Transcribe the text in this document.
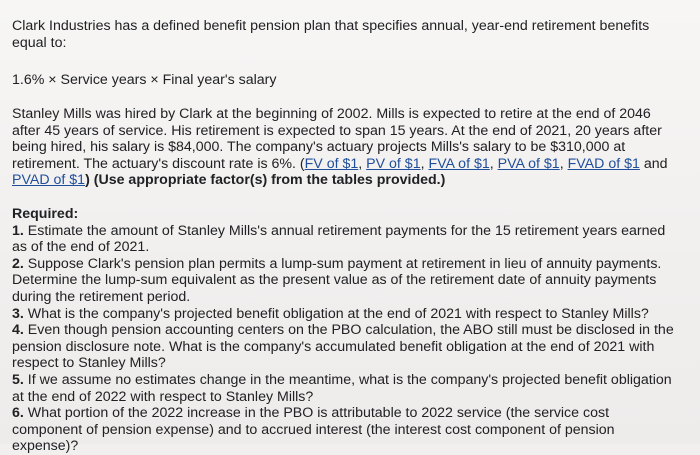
Clark Industries has a defined benefit pension plan that specifies annual, year-end retirement benefits
equal to:
1.6% × Service years × Final year's salary
Stanley Mills was hired by Clark at the beginning of 2002. Mills is expected to retire at the end of 2046
after 45 years of service. His retirement is expected to span 15 years. At the end of 2021, 20 years after
being hired, his salary is $84,000. The company's actuary projects Mills's salary to be $310,000 at
retirement. The actuary's discount rate is 6%. (FV of $1, PV of $1, FVA of $1, PVA of $1, FVAD of $1 and
PVAD of $1) (Use appropriate factor(s) from the tables provided.)
Required:
1. Estimate the amount of Stanley Mills's annual retirement payments for the 15 retirement years earned
as of the end of 2021.
2. Suppose Clark's pension plan permits a lump-sum payment at retirement in lieu of annuity payments.
Determine the lump-sum equivalent as the present value as of the retirement date of annuity payments
during the retirement period.
3. What is the company's projected benefit obligation at the end of 2021 with respect to Stanley Mills?
4. Even though pension accounting centers on the PBO calculation, the ABO still must be disclosed in the
pension disclosure note. What is the company's accumulated benefit obligation at the end of 2021 with
respect to Stanley Mills?
5. If we assume no estimates change in the meantime, what is the company's projected benefit obligation
at the end of 2022 with respect to Stanley Mills?
6. What portion of the 2022 increase in the PBO is attributable to 2022 service (the service cost
component of pension expense) and to accrued interest (the interest cost component of pension
expense)?
